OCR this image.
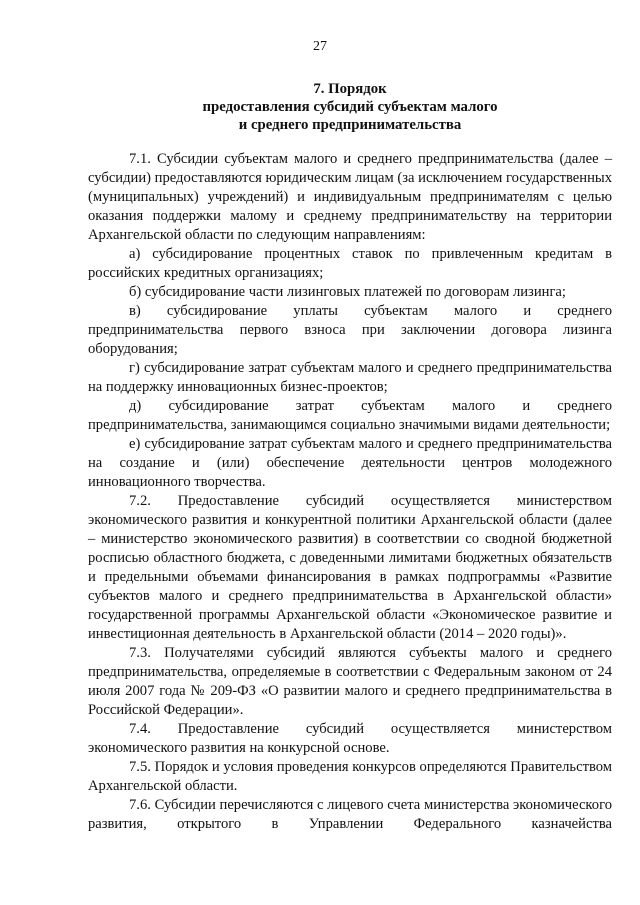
27
7. Порядок
предоставления субсидий субъектам малого
и среднего предпринимательства

7.1. Субсидии субъектам малого и среднего предпринимательства (далее – субсидии) предоставляются юридическим лицам (за исключением государственных (муниципальных) учреждений) и индивидуальным предпринимателям с целью оказания поддержки малому и среднему предпринимательству на территории Архангельской области по следующим направлениям:

а) субсидирование процентных ставок по привлеченным кредитам в российских кредитных организациях;

б) субсидирование части лизинговых платежей по договорам лизинга;

в) субсидирование уплаты субъектам малого и среднего предпринимательства первого взноса при заключении договора лизинга оборудования;

г) субсидирование затрат субъектам малого и среднего предпринимательства на поддержку инновационных бизнес-проектов;

д) субсидирование затрат субъектам малого и среднего предпринимательства, занимающимся социально значимыми видами деятельности;

е) субсидирование затрат субъектам малого и среднего предпринимательства на создание и (или) обеспечение деятельности центров молодежного инновационного творчества.

7.2. Предоставление субсидий осуществляется министерством экономического развития и конкурентной политики Архангельской области (далее – министерство экономического развития) в соответствии со сводной бюджетной росписью областного бюджета, с доведенными лимитами бюджетных обязательств и предельными объемами финансирования в рамках подпрограммы «Развитие субъектов малого и среднего предпринимательства в Архангельской области» государственной программы Архангельской области «Экономическое развитие и инвестиционная деятельность в Архангельской области (2014 – 2020 годы)».

7.3. Получателями субсидий являются субъекты малого и среднего предпринимательства, определяемые в соответствии с Федеральным законом от 24 июля 2007 года № 209-ФЗ «О развитии малого и среднего предпринимательства в Российской Федерации».

7.4. Предоставление субсидий осуществляется министерством экономического развития на конкурсной основе.

7.5. Порядок и условия проведения конкурсов определяются Правительством Архангельской области.

7.6. Субсидии перечисляются с лицевого счета министерства экономического развития, открытого в Управлении Федерального казначейства
